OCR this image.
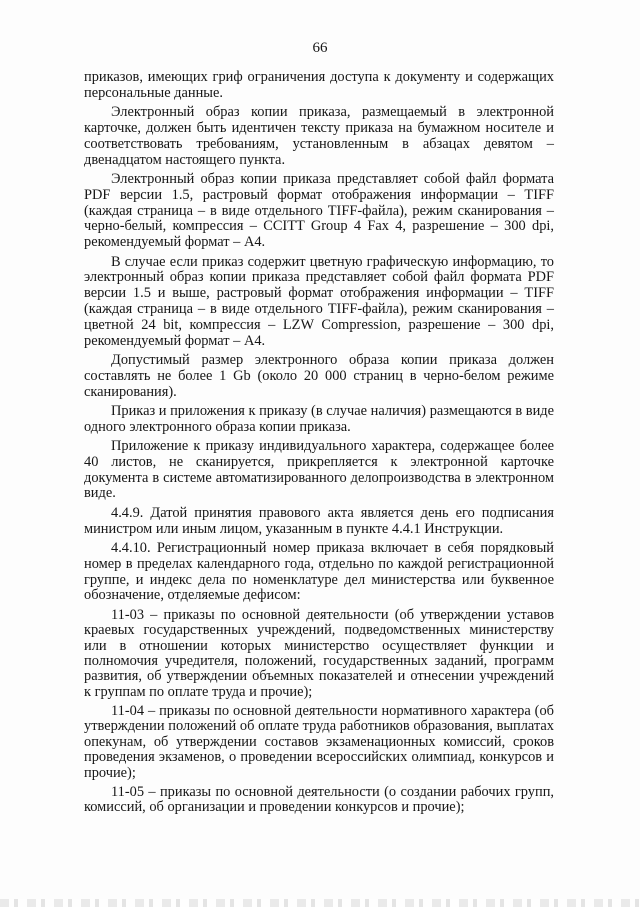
66

приказов, имеющих гриф ограничения доступа к документу и содержащих персональные данные.

Электронный образ копии приказа, размещаемый в электронной карточке, должен быть идентичен тексту приказа на бумажном носителе и соответствовать требованиям, установленным в абзацах девятом – двенадцатом настоящего пункта.

Электронный образ копии приказа представляет собой файл формата PDF версии 1.5, растровый формат отображения информации – TIFF (каждая страница – в виде отдельного TIFF-файла), режим сканирования – черно-белый, компрессия – CCITT Group 4 Fax 4, разрешение – 300 dpi, рекомендуемый формат – А4.

В случае если приказ содержит цветную графическую информацию, то электронный образ копии приказа представляет собой файл формата PDF версии 1.5 и выше, растровый формат отображения информации – TIFF (каждая страница – в виде отдельного TIFF-файла), режим сканирования – цветной 24 bit, компрессия – LZW Compression, разрешение – 300 dpi, рекомендуемый формат – А4.

Допустимый размер электронного образа копии приказа должен составлять не более 1 Gb (около 20 000 страниц в черно-белом режиме сканирования).

Приказ и приложения к приказу (в случае наличия) размещаются в виде одного электронного образа копии приказа.

Приложение к приказу индивидуального характера, содержащее более 40 листов, не сканируется, прикрепляется к электронной карточке документа в системе автоматизированного делопроизводства в электронном виде.

4.4.9. Датой принятия правового акта является день его подписания министром или иным лицом, указанным в пункте 4.4.1 Инструкции.

4.4.10. Регистрационный номер приказа включает в себя порядковый номер в пределах календарного года, отдельно по каждой регистрационной группе, и индекс дела по номенклатуре дел министерства или буквенное обозначение, отделяемые дефисом:

11-03 – приказы по основной деятельности (об утверждении уставов краевых государственных учреждений, подведомственных министерству или в отношении которых министерство осуществляет функции и полномочия учредителя, положений, государственных заданий, программ развития, об утверждении объемных показателей и отнесении учреждений к группам по оплате труда и прочие);

11-04 – приказы по основной деятельности нормативного характера (об утверждении положений об оплате труда работников образования, выплатах опекунам, об утверждении составов экзаменационных комиссий, сроков проведения экзаменов, о проведении всероссийских олимпиад, конкурсов и прочие);

11-05 – приказы по основной деятельности (о создании рабочих групп, комиссий, об организации и проведении конкурсов и прочие);
